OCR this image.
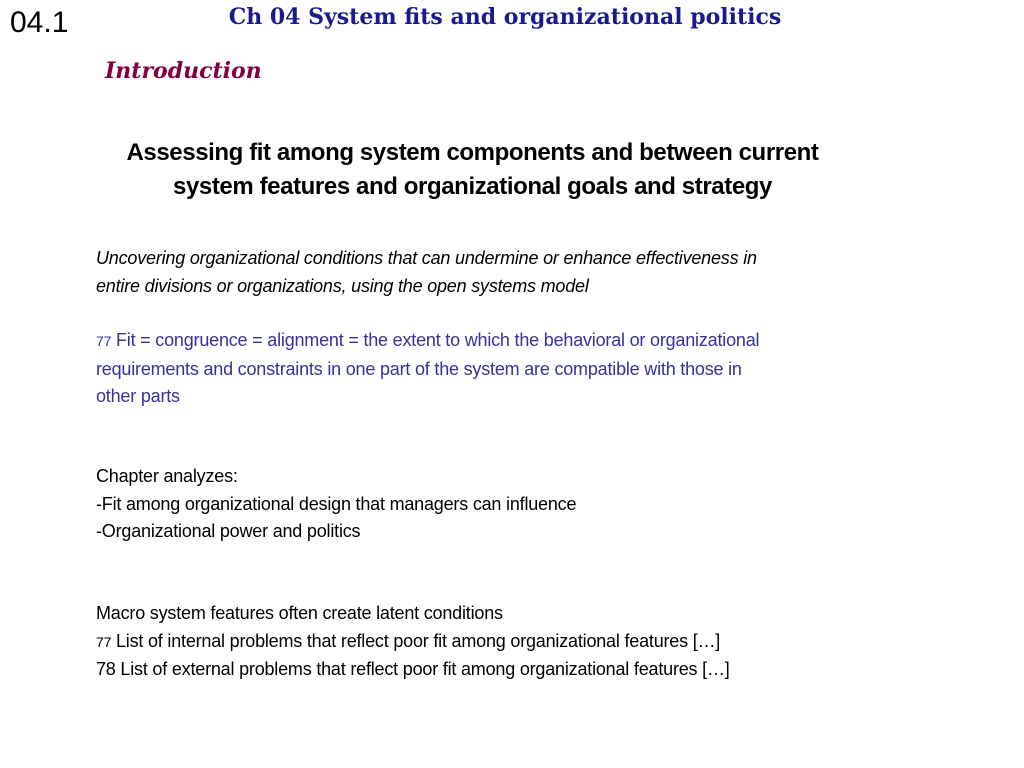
04.1	Ch 04 System fits and organizational politics
Introduction
Assessing fit among system components and between current
system features and organizational goals and strategy
Uncovering organizational conditions that can undermine or enhance effectiveness in
entire divisions or organizations, using the open systems model
77 Fit = congruence = alignment = the extent to which the behavioral or organizational
requirements and constraints in one part of the system are compatible with those in
other parts
Chapter analyzes:
-Fit among organizational design that managers can influence
-Organizational power and politics
Macro system features often create latent conditions
77 List of internal problems that reflect poor fit among organizational features […]
78 List of external problems that reflect poor fit among organizational features […]
